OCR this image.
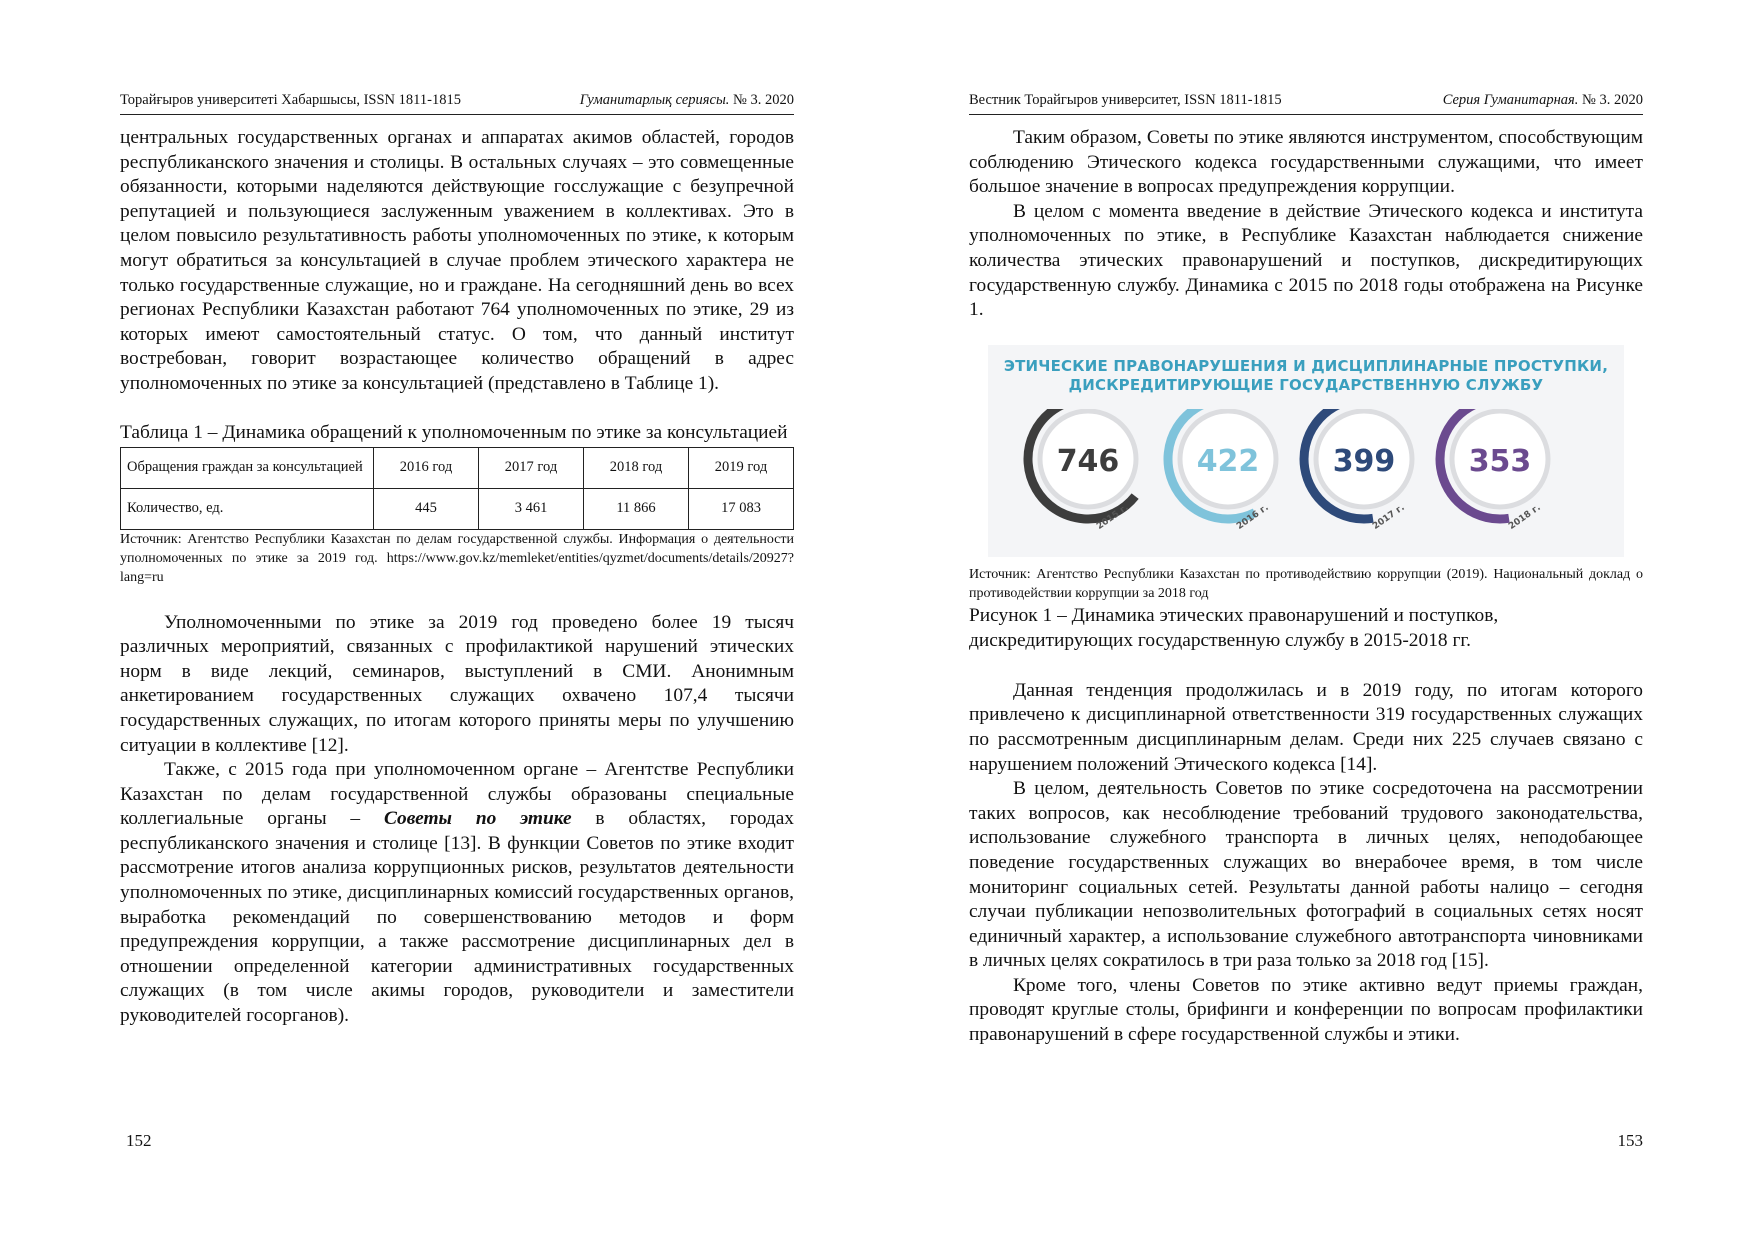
Торайғыров университеті Хабаршысы, ISSN 1811-1815	Гуманитарлық сериясы. № 3. 2020

центральных государственных органах и аппаратах акимов областей, городов республиканского значения и столицы. В остальных случаях – это совмещенные обязанности, которыми наделяются действующие госслужащие с безупречной репутацией и пользующиеся заслуженным уважением в коллективах. Это в целом повысило результативность работы уполномоченных по этике, к которым могут обратиться за консультацией в случае проблем этического характера не только государственные служащие, но и граждане. На сегодняшний день во всех регионах Республики Казахстан работают 764 уполномоченных по этике, 29 из которых имеют самостоятельный статус. О том, что данный институт востребован, говорит возрастающее количество обращений в адрес уполномоченных по этике за консультацией (представлено в Таблице 1).

Таблица 1 – Динамика обращений к уполномоченным по этике за консультацией

Обращения граждан за консультацией	2016 год	2017 год	2018 год	2019 год
Количество, ед.	445	3 461	11 866	17 083

Источник: Агентство Республики Казахстан по делам государственной службы. Информация о деятельности уполномоченных по этике за 2019 год. https://www.gov.kz/memleket/entities/qyzmet/documents/details/20927?lang=ru

Уполномоченными по этике за 2019 год проведено более 19 тысяч различных мероприятий, связанных с профилактикой нарушений этических норм в виде лекций, семинаров, выступлений в СМИ. Анонимным анкетированием государственных служащих охвачено 107,4 тысячи государственных служащих, по итогам которого приняты меры по улучшению ситуации в коллективе [12].

Также, с 2015 года при уполномоченном органе – Агентстве Республики Казахстан по делам государственной службы образованы специальные коллегиальные органы – Советы по этике в областях, городах республиканского значения и столице [13]. В функции Советов по этике входит рассмотрение итогов анализа коррупционных рисков, результатов деятельности уполномоченных по этике, дисциплинарных комиссий государственных органов, выработка рекомендаций по совершенствованию методов и форм предупреждения коррупции, а также рассмотрение дисциплинарных дел в отношении определенной категории административных государственных служащих (в том числе акимы городов, руководители и заместители руководителей госорганов).

152
Вестник Торайгыров университет, ISSN 1811-1815	Серия Гуманитарная. № 3. 2020

Таким образом, Советы по этике являются инструментом, способствующим соблюдению Этического кодекса государственными служащими, что имеет большое значение в вопросах предупреждения коррупции.

В целом с момента введение в действие Этического кодекса и института уполномоченных по этике, в Республике Казахстан наблюдается снижение количества этических правонарушений и поступков, дискредитирующих государственную службу. Динамика с 2015 по 2018 годы отображена на Рисунке 1.

ЭТИЧЕСКИЕ ПРАВОНАРУШЕНИЯ И ДИСЦИПЛИНАРНЫЕ ПРОСТУПКИ,
ДИСКРЕДИТИРУЮЩИЕ ГОСУДАРСТВЕННУЮ СЛУЖБУ
746
2015 г.
422
2016 г.
399
2017 г.
353
2018 г.

Источник: Агентство Республики Казахстан по противодействию коррупции (2019). Национальный доклад о противодействии коррупции за 2018 год

Рисунок 1 – Динамика этических правонарушений и поступков,
дискредитирующих государственную службу в 2015-2018 гг.

Данная тенденция продолжилась и в 2019 году, по итогам которого привлечено к дисциплинарной ответственности 319 государственных служащих по рассмотренным дисциплинарным делам. Среди них 225 случаев связано с нарушением положений Этического кодекса [14].

В целом, деятельность Советов по этике сосредоточена на рассмотрении таких вопросов, как несоблюдение требований трудового законодательства, использование служебного транспорта в личных целях, неподобающее поведение государственных служащих во внерабочее время, в том числе мониторинг социальных сетей. Результаты данной работы налицо – сегодня случаи публикации непозволительных фотографий в социальных сетях носят единичный характер, а использование служебного автотранспорта чиновниками в личных целях сократилось в три раза только за 2018 год [15].

Кроме того, члены Советов по этике активно ведут приемы граждан, проводят круглые столы, брифинги и конференции по вопросам профилактики правонарушений в сфере государственной службы и этики.

153
